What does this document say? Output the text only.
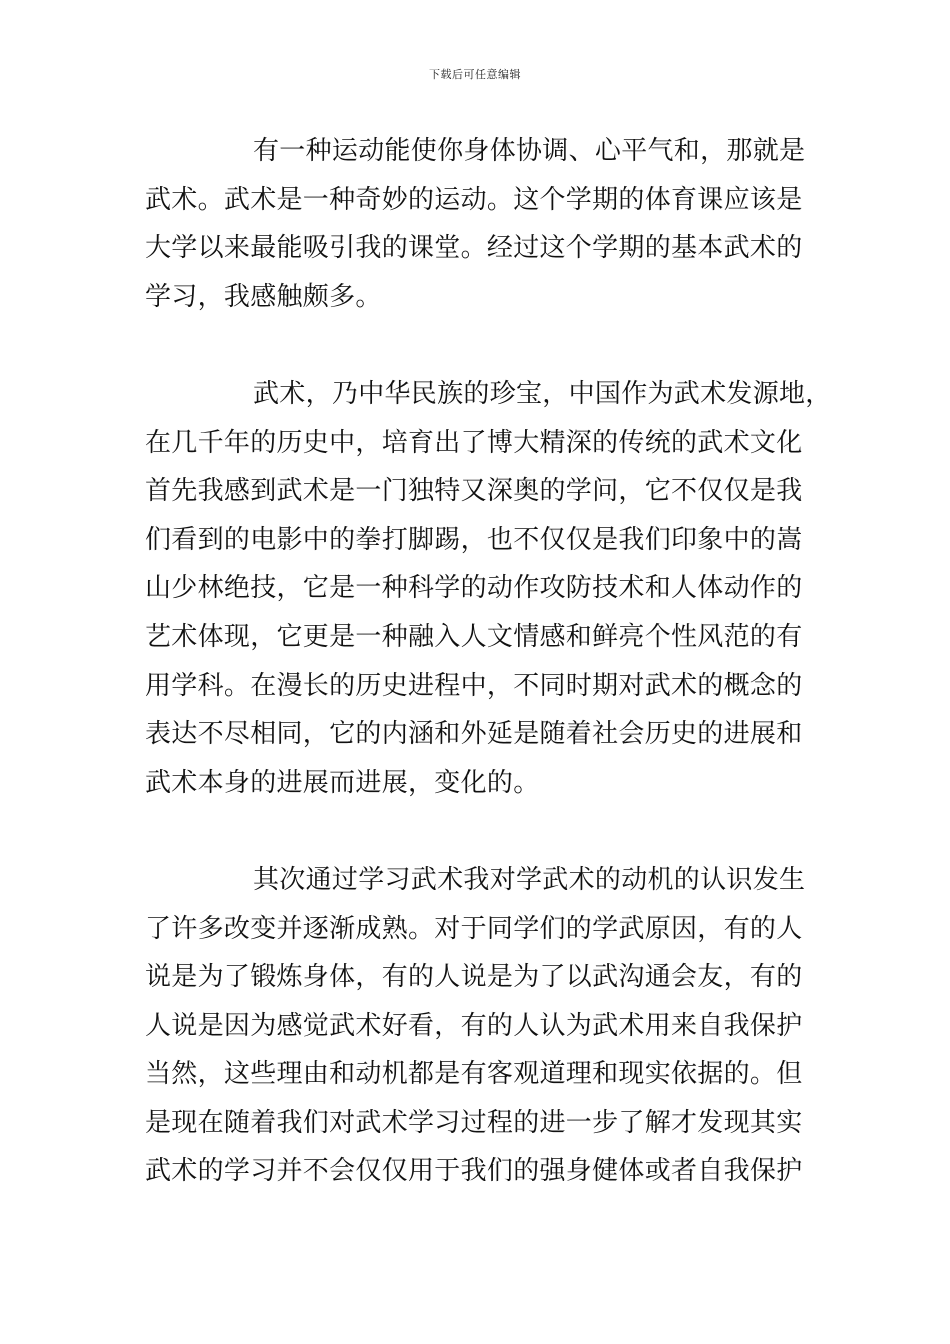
下载后可任意编辑
有一种运动能使你身体协调、心平气和，那就是
武术。武术是一种奇妙的运动。这个学期的体育课应该是
大学以来最能吸引我的课堂。经过这个学期的基本武术的
学习，我感触颇多。
武术，乃中华民族的珍宝，中国作为武术发源地，
在几千年的历史中，培育出了博大精深的传统的武术文化
首先我感到武术是一门独特又深奥的学问，它不仅仅是我
们看到的电影中的拳打脚踢，也不仅仅是我们印象中的嵩
山少林绝技，它是一种科学的动作攻防技术和人体动作的
艺术体现，它更是一种融入人文情感和鲜亮个性风范的有
用学科。在漫长的历史进程中，不同时期对武术的概念的
表达不尽相同，它的内涵和外延是随着社会历史的进展和
武术本身的进展而进展，变化的。
其次通过学习武术我对学武术的动机的认识发生
了许多改变并逐渐成熟。对于同学们的学武原因，有的人
说是为了锻炼身体，有的人说是为了以武沟通会友，有的
人说是因为感觉武术好看，有的人认为武术用来自我保护
当然，这些理由和动机都是有客观道理和现实依据的。但
是现在随着我们对武术学习过程的进一步了解才发现其实
武术的学习并不会仅仅用于我们的强身健体或者自我保护
